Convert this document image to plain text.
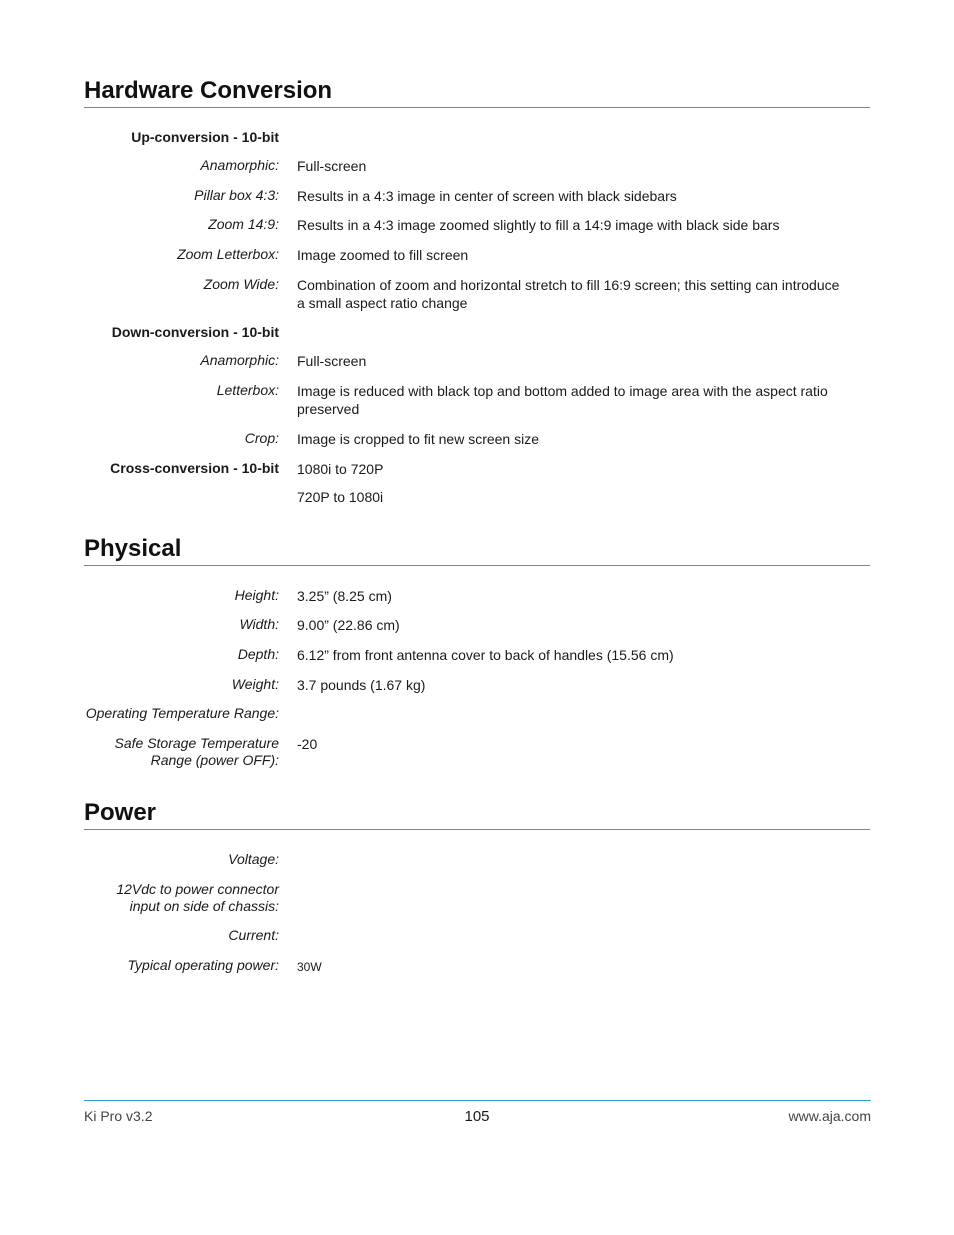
Hardware Conversion
Up-conversion - 10-bit
Anamorphic: Full-screen
Pillar box 4:3: Results in a 4:3 image in center of screen with black sidebars
Zoom 14:9: Results in a 4:3 image zoomed slightly to fill a 14:9 image with black side bars
Zoom Letterbox: Image zoomed to fill screen
Zoom Wide: Combination of zoom and horizontal stretch to fill 16:9 screen; this setting can introduce
a small aspect ratio change
Down-conversion - 10-bit
Anamorphic: Full-screen
Letterbox: Image is reduced with black top and bottom added to image area with the aspect ratio
preserved
Crop: Image is cropped to fit new screen size
Cross-conversion - 10-bit 1080i to 720P
720P to 1080i
Physical
Height: 3.25” (8.25 cm)
Width: 9.00” (22.86 cm)
Depth: 6.12” from front antenna cover to back of handles (15.56 cm)
Weight: 3.7 pounds (1.67 kg)
Operating Temperature Range:
Safe Storage Temperature
Range (power OFF):
-20
Power
Voltage:
12Vdc to power connector
input on side of chassis:
Current:
Typical operating power: 30W
Ki Pro v3.2	105	www.aja.com
